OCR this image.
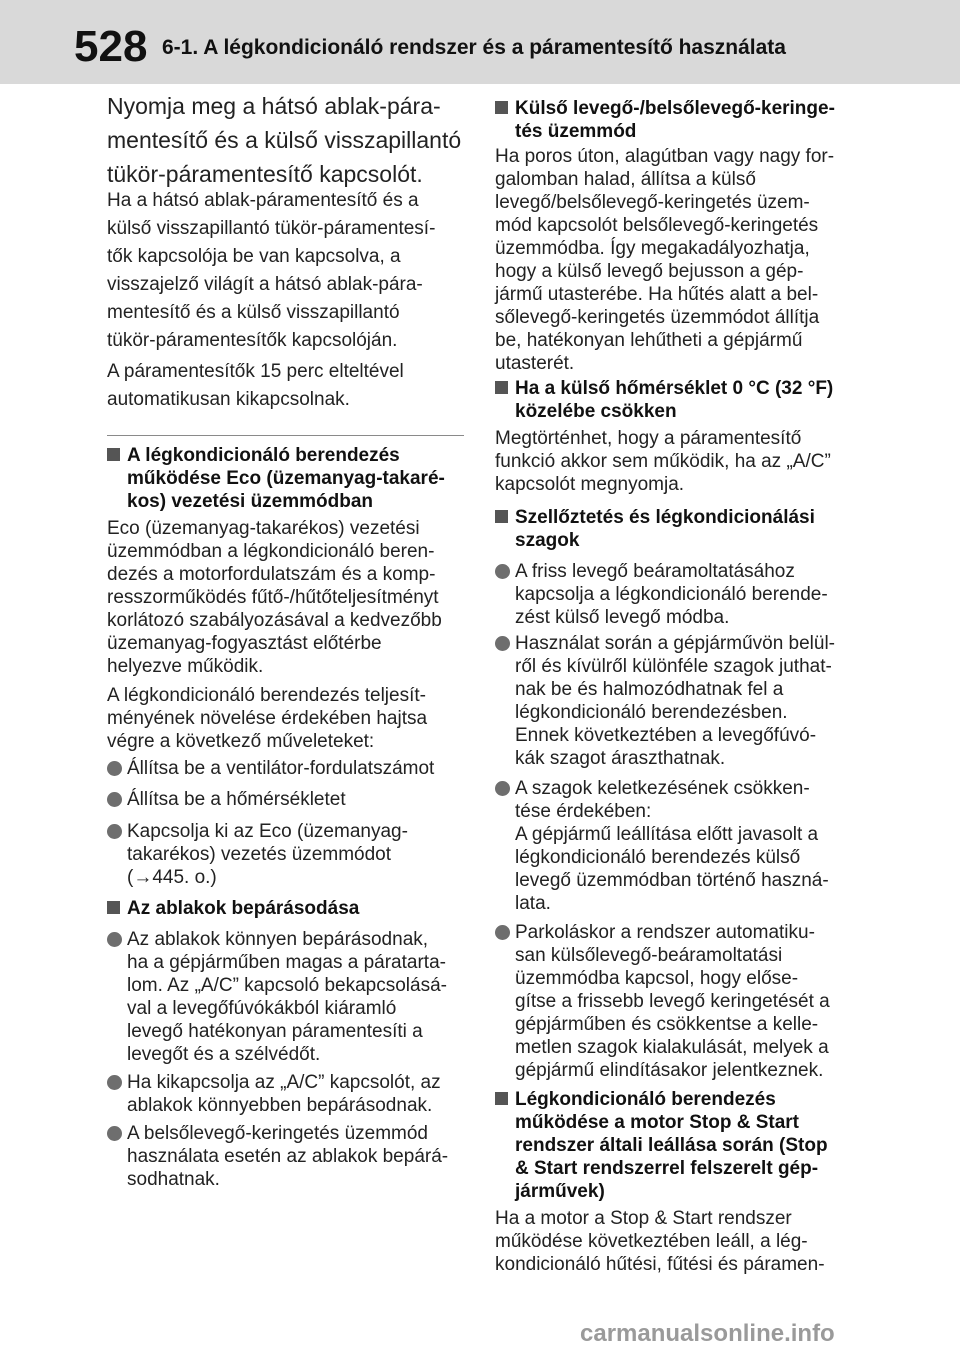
528 6-1. A légkondicionáló rendszer és a páramentesítő használata
Nyomja meg a hátsó ablak-pára-
mentesítő és a külső visszapillantó
tükör-páramentesítő kapcsolót.
Ha a hátsó ablak-páramentesítő és a
külső visszapillantó tükör-páramentesí-
tők kapcsolója be van kapcsolva, a
visszajelző világít a hátsó ablak-pára-
mentesítő és a külső visszapillantó
tükör-páramentesítők kapcsolóján.
A páramentesítők 15 perc elteltével
automatikusan kikapcsolnak.
A légkondicionáló berendezés
működése Eco (üzemanyag-takaré-
kos) vezetési üzemmódban
Eco (üzemanyag-takarékos) vezetési
üzemmódban a légkondicionáló beren-
dezés a motorfordulatszám és a komp-
resszorműködés fűtő-/hűtőteljesítményt
korlátozó szabályozásával a kedvezőbb
üzemanyag-fogyasztást előtérbe
helyezve működik.
A légkondicionáló berendezés teljesít-
ményének növelése érdekében hajtsa
végre a következő műveleteket:
Állítsa be a ventilátor-fordulatszámot
Állítsa be a hőmérsékletet
Kapcsolja ki az Eco (üzemanyag-
takarékos) vezetés üzemmódot
(→445. o.)
Az ablakok bepárásodása
Az ablakok könnyen bepárásodnak,
ha a gépjárműben magas a páratarta-
lom. Az „A/C” kapcsoló bekapcsolásá-
val a levegőfúvókákból kiáramló
levegő hatékonyan páramentesíti a
levegőt és a szélvédőt.
Ha kikapcsolja az „A/C” kapcsolót, az
ablakok könnyebben bepárásodnak.
A belsőlevegő-keringetés üzemmód
használata esetén az ablakok bepárá-
sodhatnak.
Külső levegő-/belsőlevegő-keringe-
tés üzemmód
Ha poros úton, alagútban vagy nagy for-
galomban halad, állítsa a külső
levegő/belsőlevegő-keringetés üzem-
mód kapcsolót belsőlevegő-keringetés
üzemmódba. Így megakadályozhatja,
hogy a külső levegő bejusson a gép-
jármű utasterébe. Ha hűtés alatt a bel-
sőlevegő-keringetés üzemmódot állítja
be, hatékonyan lehűtheti a gépjármű
utasterét.
Ha a külső hőmérséklet 0 °C (32 °F)
közelébe csökken
Megtörténhet, hogy a páramentesítő
funkció akkor sem működik, ha az „A/C”
kapcsolót megnyomja.
Szellőztetés és légkondicionálási
szagok
A friss levegő beáramoltatásához
kapcsolja a légkondicionáló berende-
zést külső levegő módba.
Használat során a gépjárművön belül-
ről és kívülről különféle szagok juthat-
nak be és halmozódhatnak fel a
légkondicionáló berendezésben.
Ennek következtében a levegőfúvó-
kák szagot áraszthatnak.
A szagok keletkezésének csökken-
tése érdekében:
A gépjármű leállítása előtt javasolt a
légkondicionáló berendezés külső
levegő üzemmódban történő haszná-
lata.
Parkoláskor a rendszer automatiku-
san külsőlevegő-beáramoltatási
üzemmódba kapcsol, hogy előse-
gítse a frissebb levegő keringetését a
gépjárműben és csökkentse a kelle-
metlen szagok kialakulását, melyek a
gépjármű elindításakor jelentkeznek.
Légkondicionáló berendezés
működése a motor Stop & Start
rendszer általi leállása során (Stop
& Start rendszerrel felszerelt gép-
járművek)
Ha a motor a Stop & Start rendszer
működése következtében leáll, a lég-
kondicionáló hűtési, fűtési és páramen-
carmanualsonline.info
